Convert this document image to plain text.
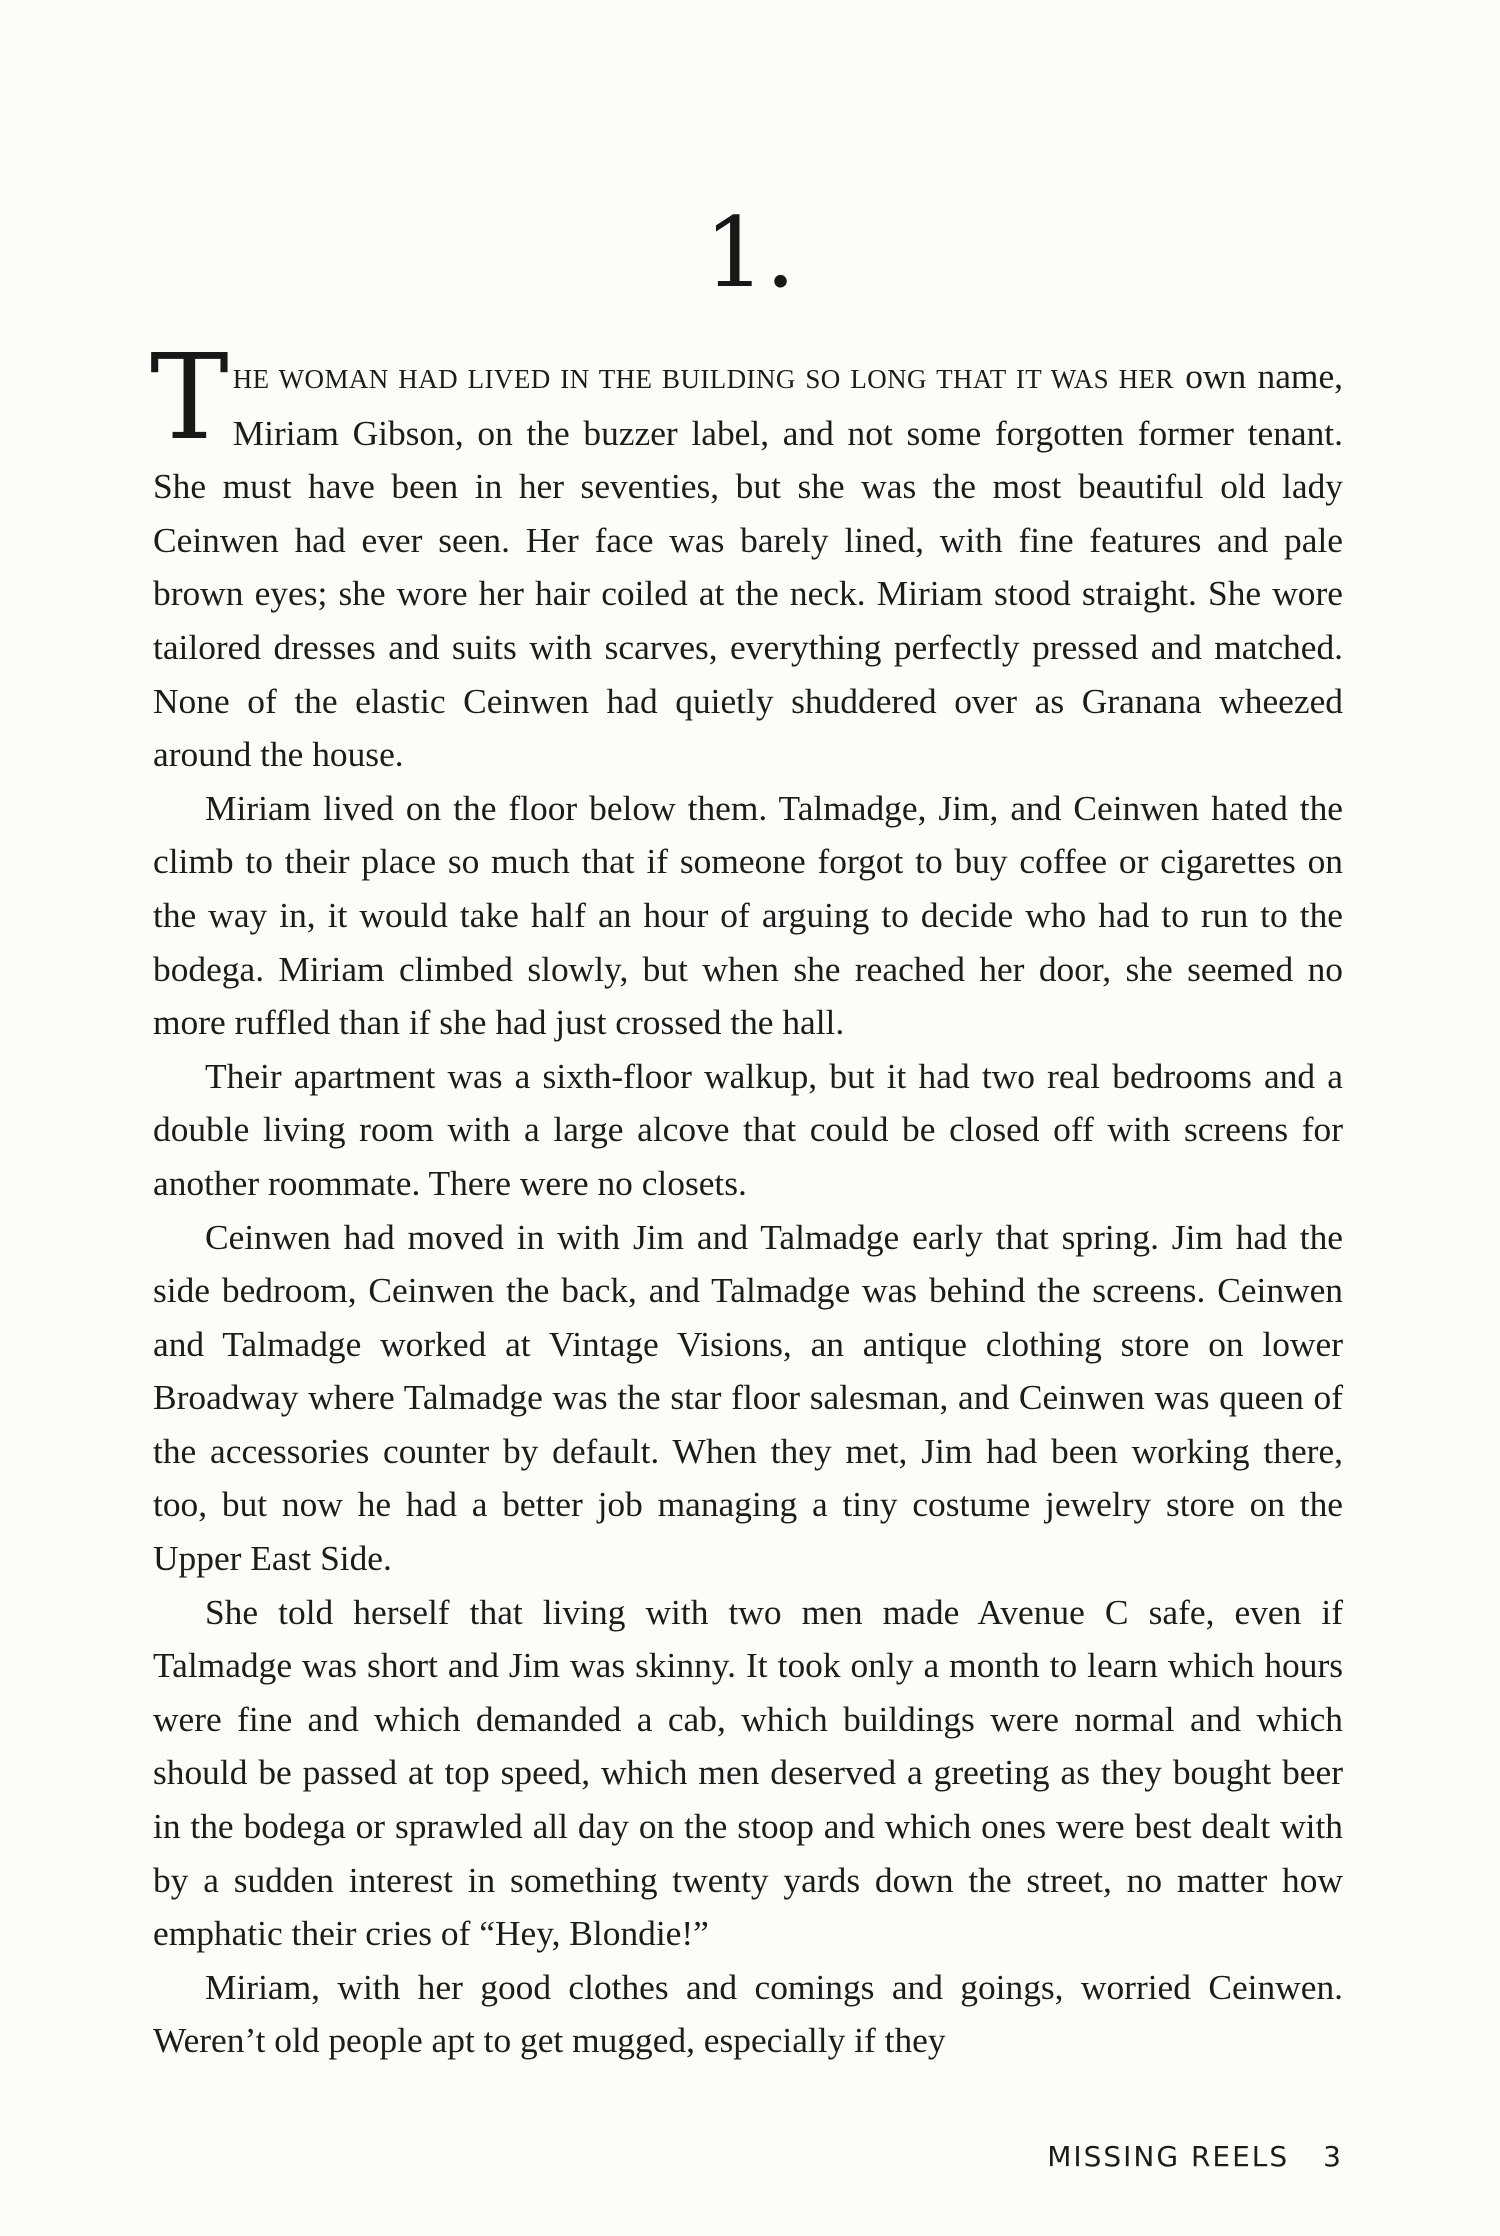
1.

THE WOMAN HAD LIVED IN THE BUILDING SO LONG THAT IT WAS HER own name, Miriam Gibson, on the buzzer label, and not some forgotten former tenant. She must have been in her seventies, but she was the most beautiful old lady Ceinwen had ever seen. Her face was barely lined, with fine features and pale brown eyes; she wore her hair coiled at the neck. Miriam stood straight. She wore tailored dresses and suits with scarves, everything perfectly pressed and matched. None of the elastic Ceinwen had quietly shuddered over as Granana wheezed around the house.

Miriam lived on the floor below them. Talmadge, Jim, and Ceinwen hated the climb to their place so much that if someone forgot to buy coffee or cigarettes on the way in, it would take half an hour of arguing to decide who had to run to the bodega. Miriam climbed slowly, but when she reached her door, she seemed no more ruffled than if she had just crossed the hall.

Their apartment was a sixth-floor walkup, but it had two real bedrooms and a double living room with a large alcove that could be closed off with screens for another roommate. There were no closets.

Ceinwen had moved in with Jim and Talmadge early that spring. Jim had the side bedroom, Ceinwen the back, and Talmadge was behind the screens. Ceinwen and Talmadge worked at Vintage Visions, an antique clothing store on lower Broadway where Talmadge was the star floor salesman, and Ceinwen was queen of the accessories counter by default. When they met, Jim had been working there, too, but now he had a better job managing a tiny costume jewelry store on the Upper East Side.

She told herself that living with two men made Avenue C safe, even if Talmadge was short and Jim was skinny. It took only a month to learn which hours were fine and which demanded a cab, which buildings were normal and which should be passed at top speed, which men deserved a greeting as they bought beer in the bodega or sprawled all day on the stoop and which ones were best dealt with by a sudden interest in something twenty yards down the street, no matter how emphatic their cries of “Hey, Blondie!”

Miriam, with her good clothes and comings and goings, worried Ceinwen. Weren’t old people apt to get mugged, especially if they

MISSING REELS 3
